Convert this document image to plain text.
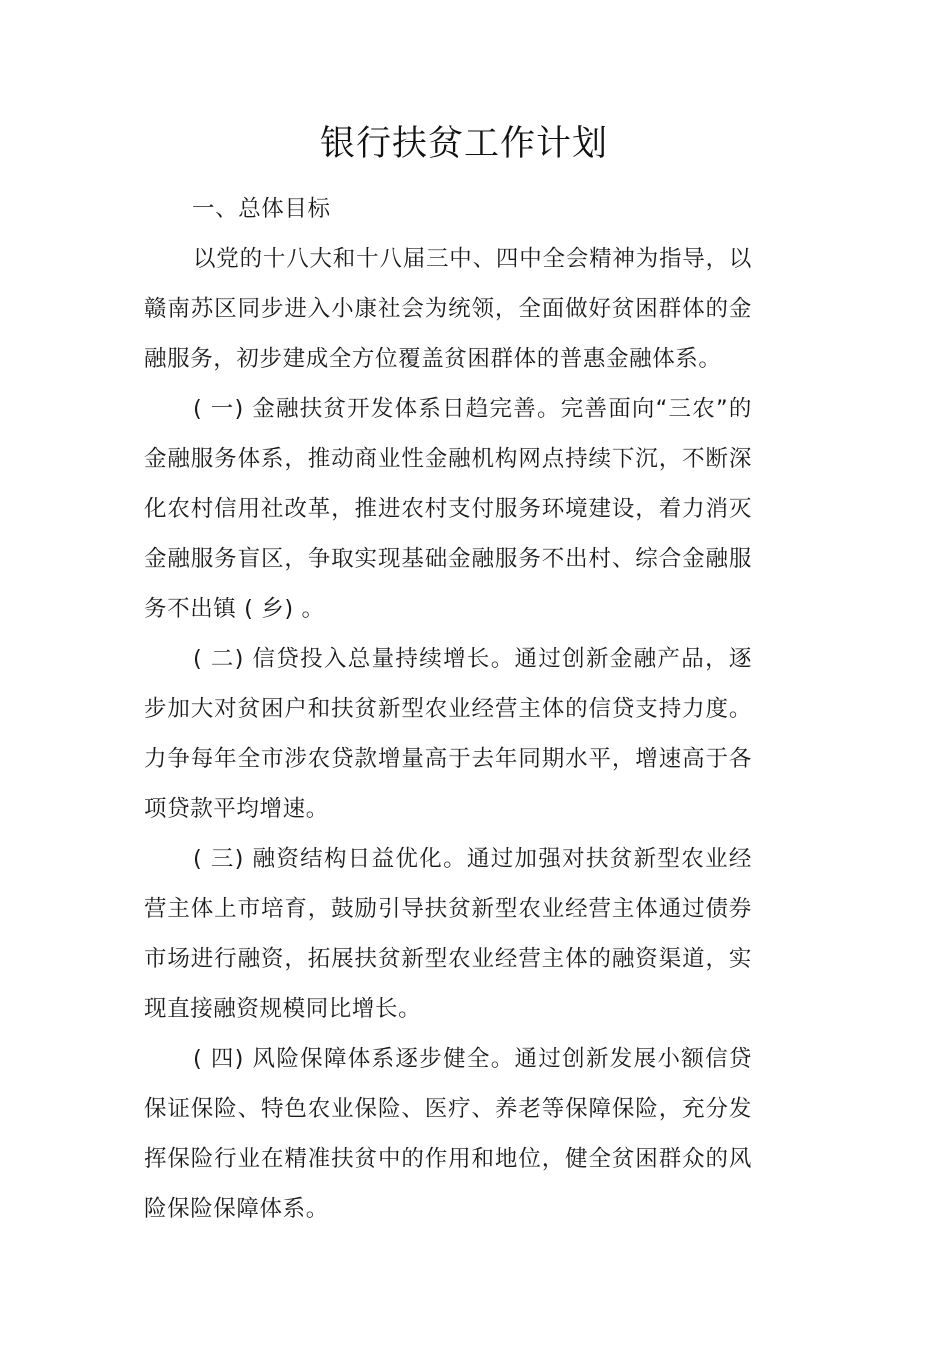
银行扶贫工作计划
一、总体目标

以党的十八大和十八届三中、四中全会精神为指导，以赣南苏区同步进入小康社会为统领，全面做好贫困群体的金融服务，初步建成全方位覆盖贫困群体的普惠金融体系。

( 一) 金融扶贫开发体系日趋完善。完善面向“三农”的金融服务体系，推动商业性金融机构网点持续下沉，不断深化农村信用社改革，推进农村支付服务环境建设，着力消灭金融服务盲区，争取实现基础金融服务不出村、综合金融服务不出镇 ( 乡) 。

( 二) 信贷投入总量持续增长。通过创新金融产品，逐步加大对贫困户和扶贫新型农业经营主体的信贷支持力度。力争每年全市涉农贷款增量高于去年同期水平，增速高于各项贷款平均增速。

( 三) 融资结构日益优化。通过加强对扶贫新型农业经营主体上市培育，鼓励引导扶贫新型农业经营主体通过债券市场进行融资，拓展扶贫新型农业经营主体的融资渠道，实现直接融资规模同比增长。

( 四) 风险保障体系逐步健全。通过创新发展小额信贷保证保险、特色农业保险、医疗、养老等保障保险，充分发挥保险行业在精准扶贫中的作用和地位，健全贫困群众的风险保险保障体系。
